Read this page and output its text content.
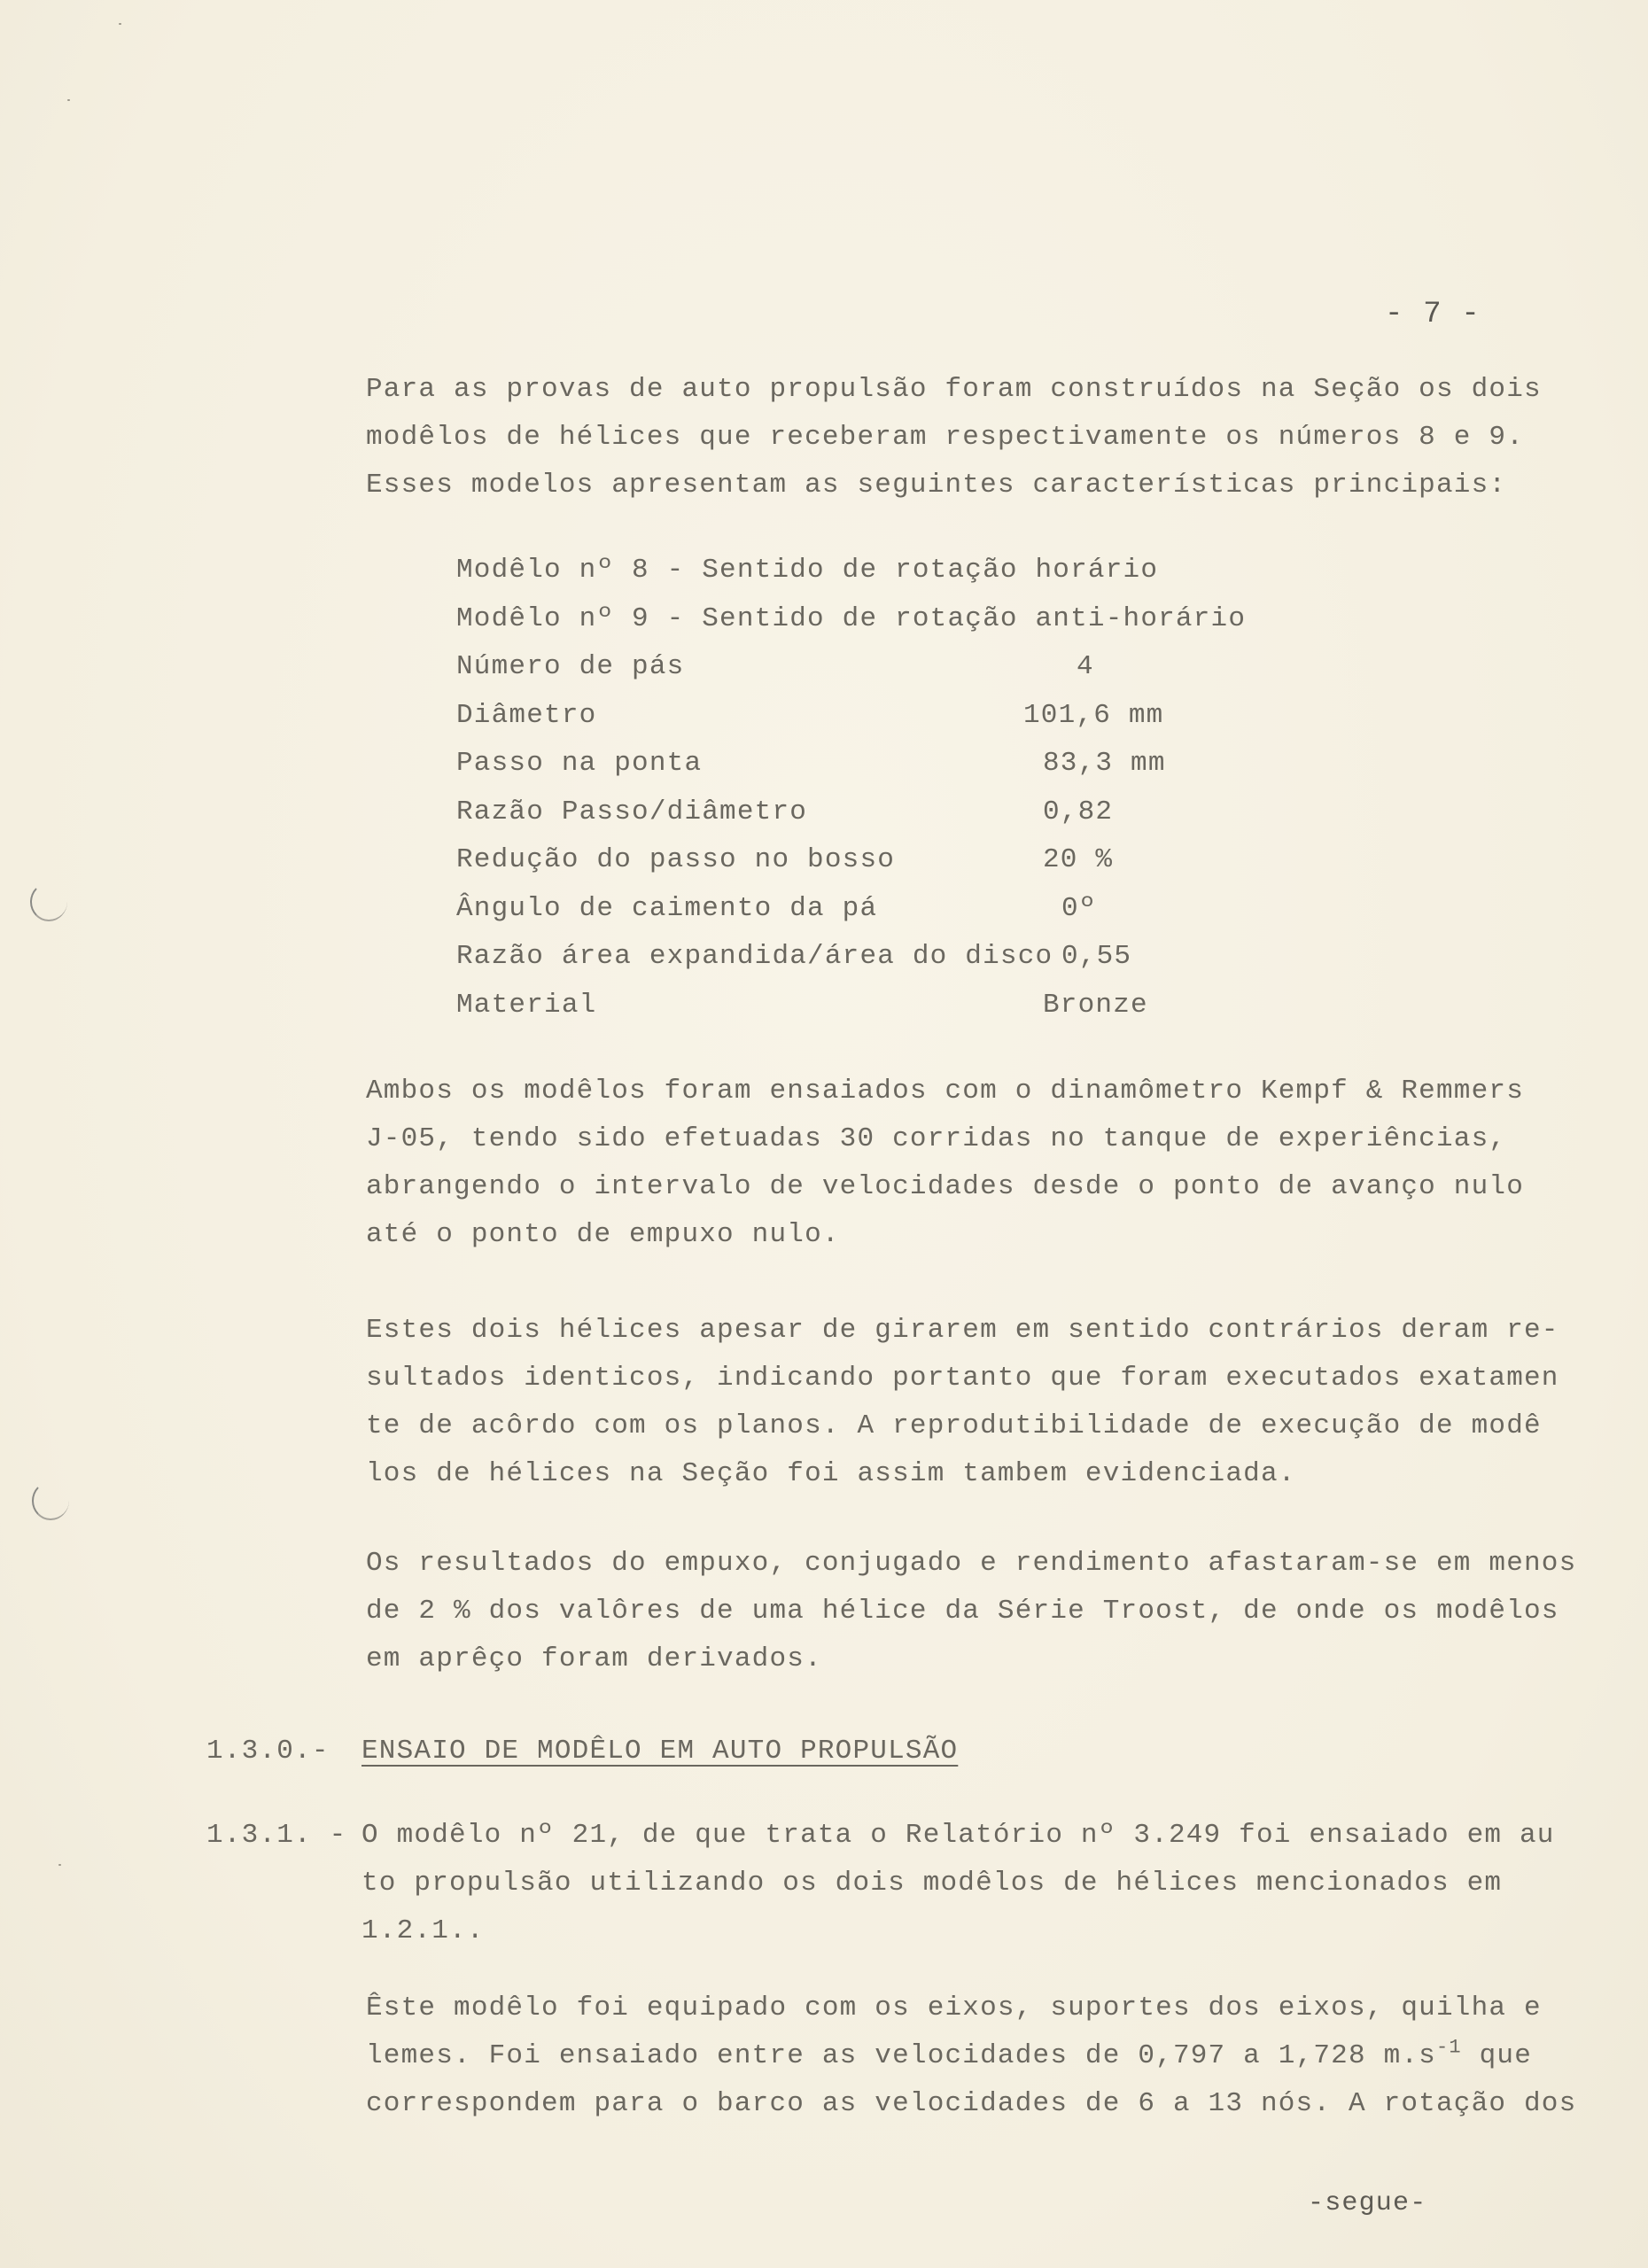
- 7 -
Para as provas de auto propulsão foram construídos na Seção os dois
modêlos de hélices que receberam respectivamente os números 8 e 9.
Esses modelos apresentam as seguintes características principais:
Modêlo nº 8 - Sentido de rotação horário
Modêlo nº 9 - Sentido de rotação anti-horário
Número de pás	4
Diâmetro	101,6 mm
Passo na ponta	83,3 mm
Razão Passo/diâmetro	0,82
Redução do passo no bosso	20 %
Ângulo de caimento da pá	0º
Razão área expandida/área do disco 0,55
Material	Bronze
Ambos os modêlos foram ensaiados com o dinamômetro Kempf & Remmers
J-05, tendo sido efetuadas 30 corridas no tanque de experiências,
abrangendo o intervalo de velocidades desde o ponto de avanço nulo
até o ponto de empuxo nulo.
Estes dois hélices apesar de girarem em sentido contrários deram re-
sultados identicos, indicando portanto que foram executados exatamen
te de acôrdo com os planos. A reprodutibilidade de execução de modê
los de hélices na Seção foi assim tambem evidenciada.
Os resultados do empuxo, conjugado e rendimento afastaram-se em menos
de 2 % dos valôres de uma hélice da Série Troost, de onde os modêlos
em aprêço foram derivados.
1.3.0.- ENSAIO DE MODÊLO EM AUTO PROPULSÃO
1.3.1. - O modêlo nº 21, de que trata o Relatório nº 3.249 foi ensaiado em au
to propulsão utilizando os dois modêlos de hélices mencionados em
1.2.1..
Êste modêlo foi equipado com os eixos, suportes dos eixos, quilha e
lemes. Foi ensaiado entre as velocidades de 0,797 a 1,728 $m.s^{-1}$ que
correspondem para o barco as velocidades de 6 a 13 nós. A rotação dos
-segue-
